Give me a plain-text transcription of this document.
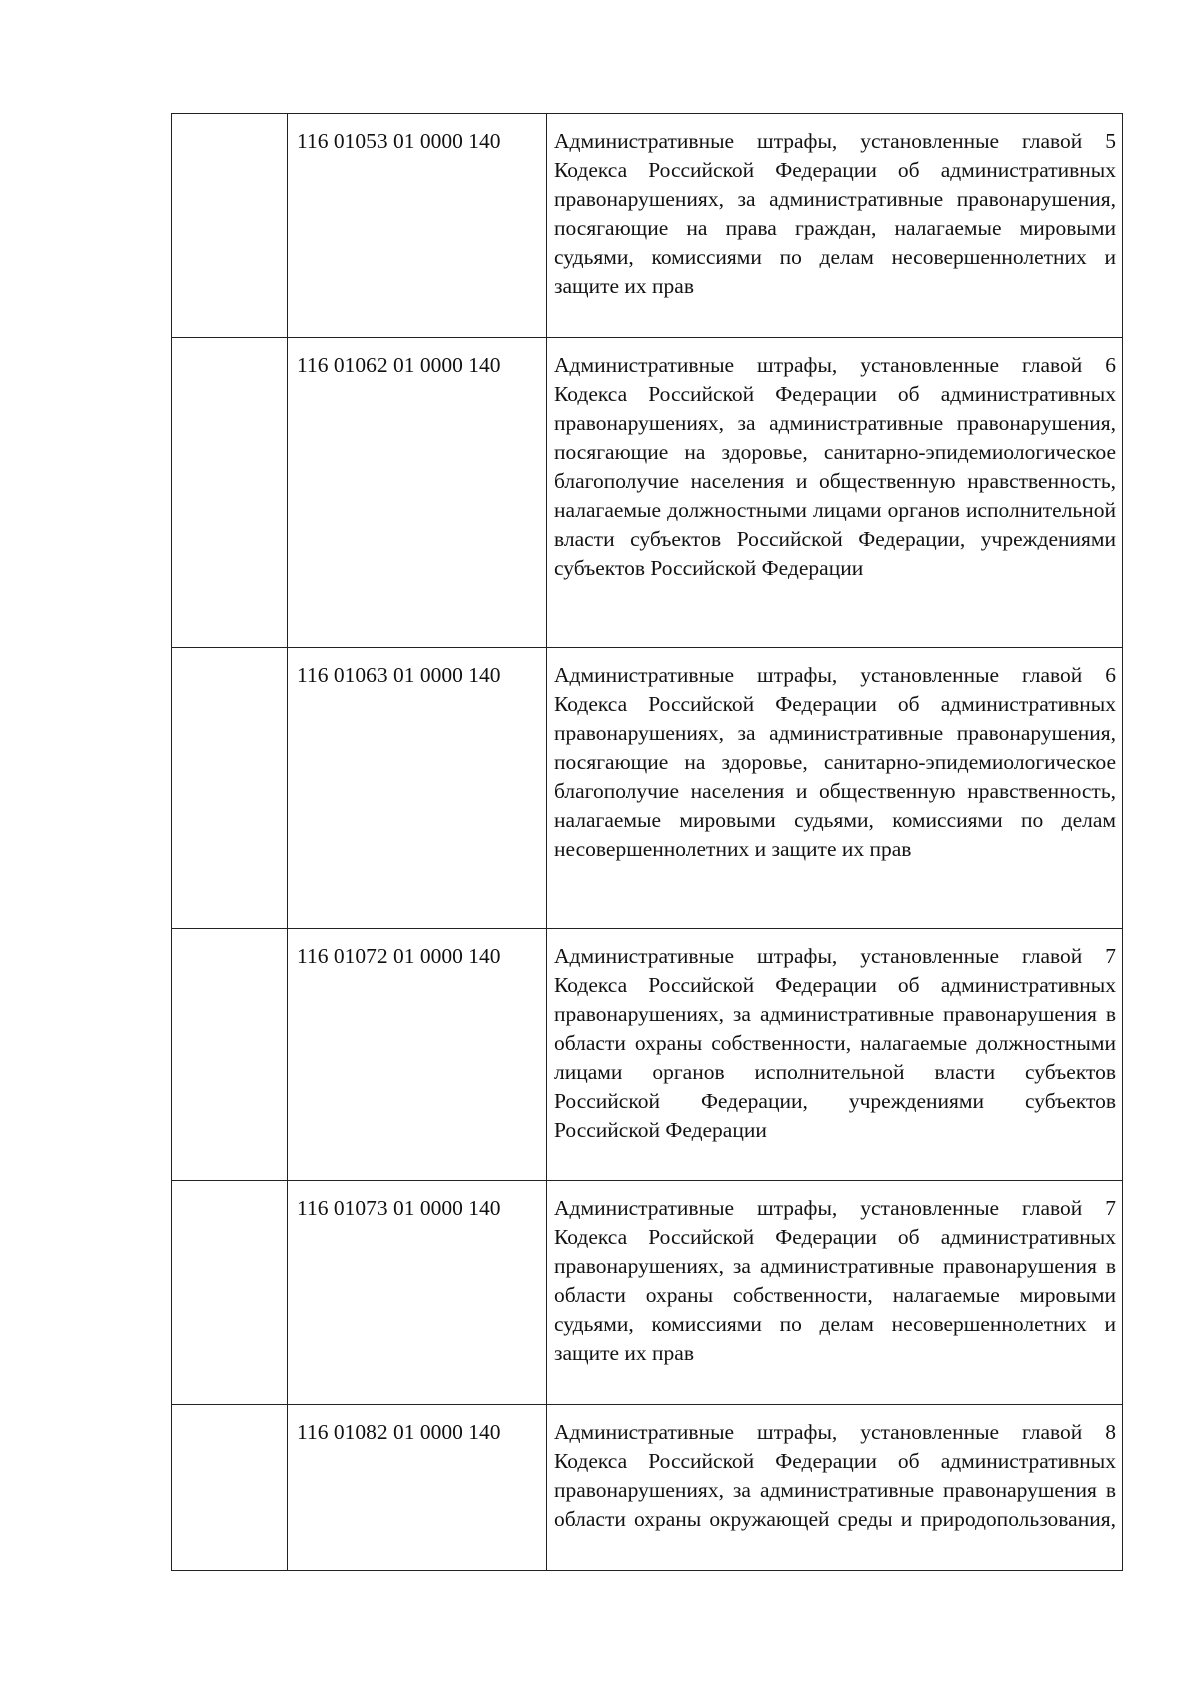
	116 01053 01 0000 140	Административные штрафы, установленные главой 5 Кодекса Российской Федерации об административных правонарушениях, за административные правонарушения, посягающие на права граждан, налагаемые мировыми судьями, комиссиями по делам несовершеннолетних и защите их прав
	116 01062 01 0000 140	Административные штрафы, установленные главой 6 Кодекса Российской Федерации об административных правонарушениях, за административные правонарушения, посягающие на здоровье, санитарно-эпидемиологическое благополучие населения и общественную нравственность, налагаемые должностными лицами органов исполнительной власти субъектов Российской Федерации, учреждениями субъектов Российской Федерации
	116 01063 01 0000 140	Административные штрафы, установленные главой 6 Кодекса Российской Федерации об административных правонарушениях, за административные правонарушения, посягающие на здоровье, санитарно-эпидемиологическое благополучие населения и общественную нравственность, налагаемые мировыми судьями, комиссиями по делам несовершеннолетних и защите их прав
	116 01072 01 0000 140	Административные штрафы, установленные главой 7 Кодекса Российской Федерации об административных правонарушениях, за административные правонарушения в области охраны собственности, налагаемые должностными лицами органов исполнительной власти субъектов Российской Федерации, учреждениями субъектов Российской Федерации
	116 01073 01 0000 140	Административные штрафы, установленные главой 7 Кодекса Российской Федерации об административных правонарушениях, за административные правонарушения в области охраны собственности, налагаемые мировыми судьями, комиссиями по делам несовершеннолетних и защите их прав
	116 01082 01 0000 140	Административные штрафы, установленные главой 8 Кодекса Российской Федерации об административных правонарушениях, за административные правонарушения в области охраны окружающей среды и природопользования,
